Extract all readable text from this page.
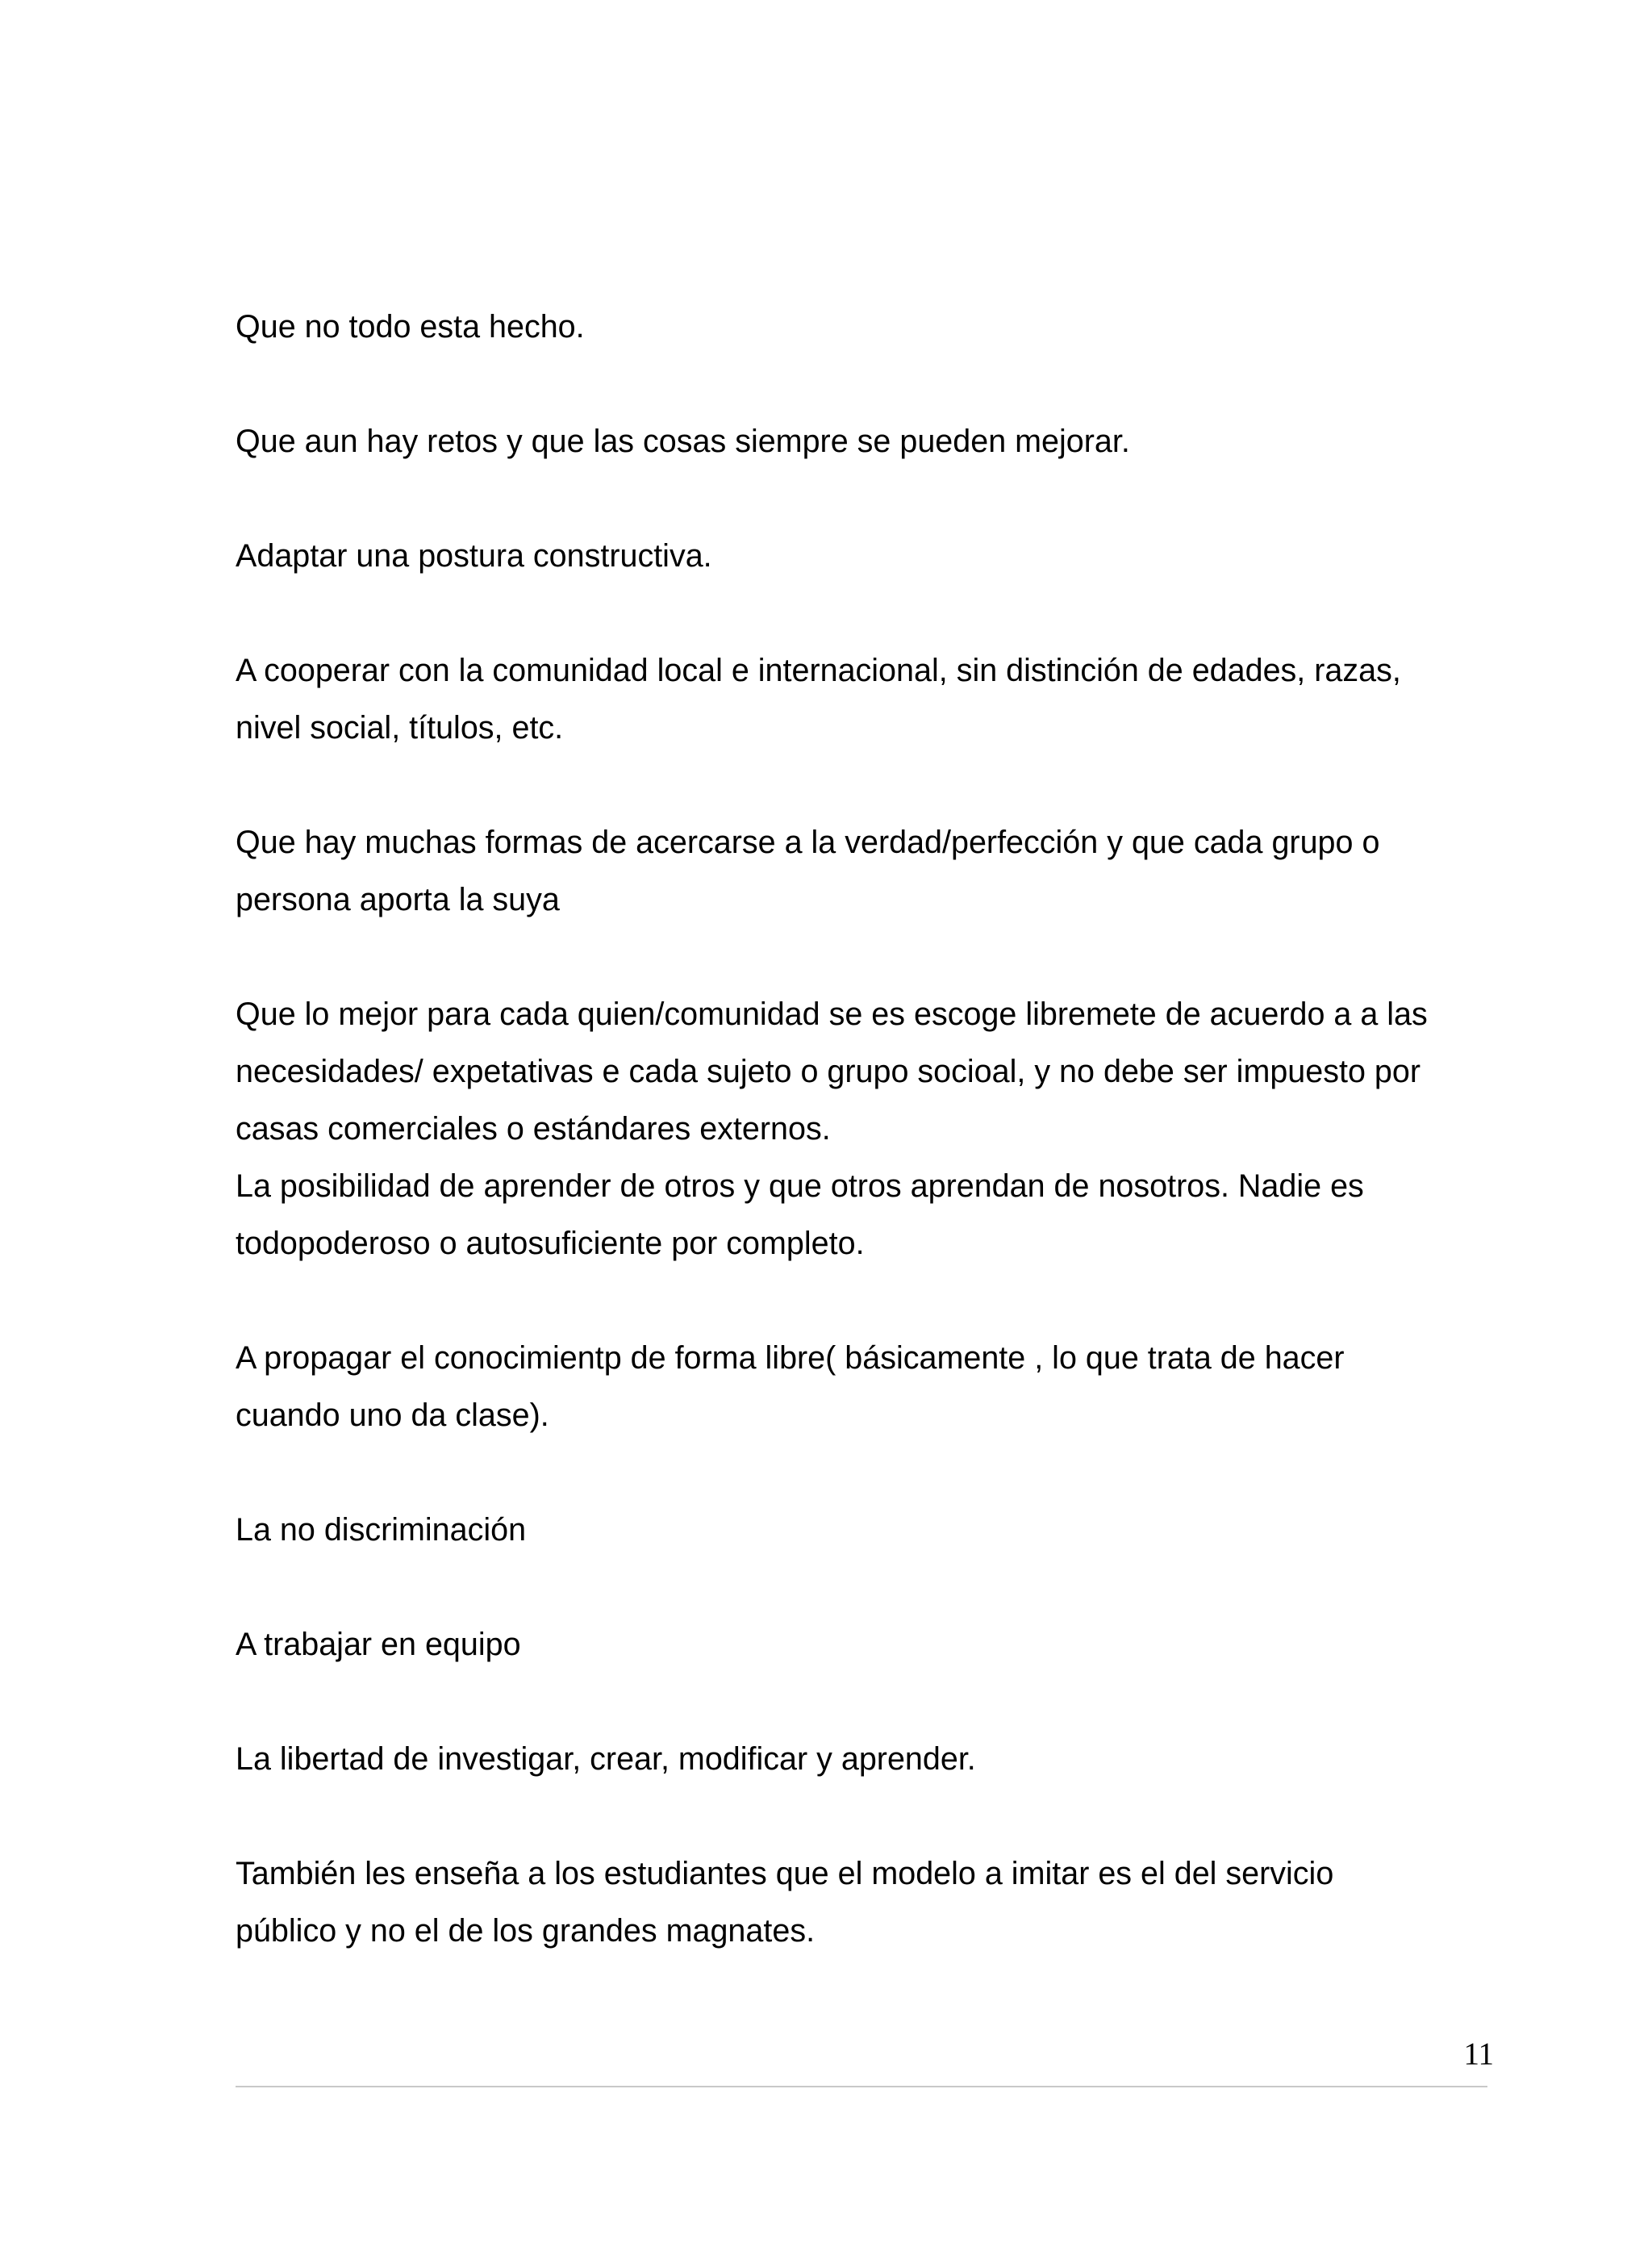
Que no todo esta hecho.

Que aun hay retos y que las cosas siempre se pueden mejorar.

Adaptar una postura constructiva.

A cooperar con la comunidad local e internacional, sin distinción de edades, razas,

nivel social, títulos, etc.

Que hay muchas formas de acercarse a la verdad/perfección y que cada grupo o

persona aporta la suya

Que lo mejor para cada quien/comunidad se es escoge libremete de acuerdo a a las

necesidades/ expetativas e cada sujeto o grupo socioal, y no debe ser impuesto por

casas comerciales o estándares externos.

La posibilidad de aprender de otros y que otros aprendan de nosotros. Nadie es

todopoderoso o autosuficiente por completo.

A propagar el conocimientp de forma libre( básicamente , lo que trata de hacer

cuando uno da clase).

La no discriminación

A trabajar en equipo

La libertad de investigar, crear, modificar y aprender.

También les enseña a los estudiantes que el modelo a imitar es el del servicio

público y no el de los grandes magnates.

11
